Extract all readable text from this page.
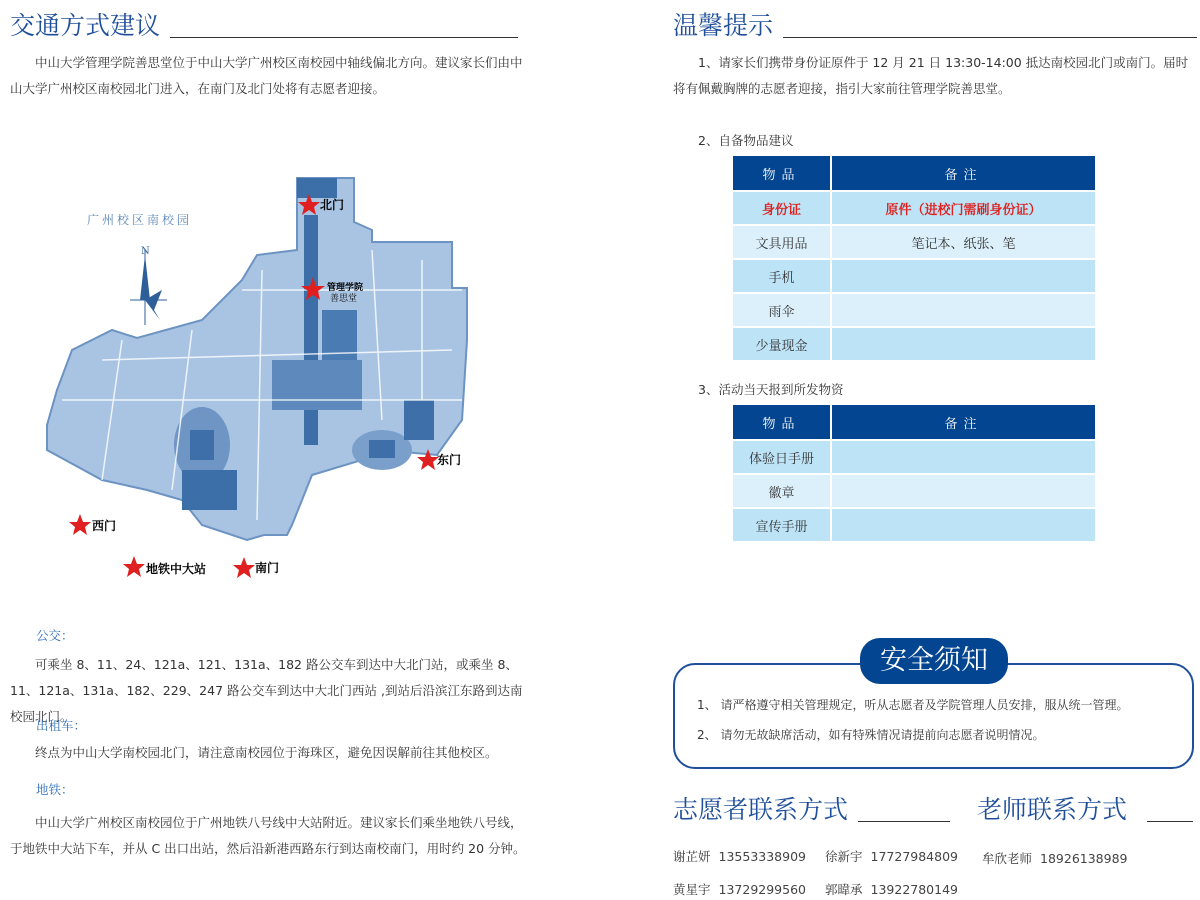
交通方式建议
中山大学管理学院善思堂位于中山大学广州校区南校园中轴线偏北方向。建议家长们由中山大学广州校区南校园北门进入，在南门及北门处将有志愿者迎接。
广州校区南校园
N
北门
管理学院
善思堂
东门
西门
地铁中大站	南门
公交：
可乘坐 8、11、24、121a、121、131a、182 路公交车到达中大北门站，或乘坐 8、11、121a、131a、182、229、247 路公交车到达中大北门西站 ,到站后沿滨江东路到达南校园北门。
出租车：
终点为中山大学南校园北门，请注意南校园位于海珠区，避免因误解前往其他校区。
地铁：
中山大学广州校区南校园位于广州地铁八号线中大站附近。建议家长们乘坐地铁八号线，于地铁中大站下车，并从 C 出口出站，然后沿新港西路东行到达南校南门，用时约 20 分钟。
温馨提示
1、请家长们携带身份证原件于 12 月 21 日 13:30-14:00 抵达南校园北门或南门。届时将有佩戴胸牌的志愿者迎接，指引大家前往管理学院善思堂。
2、自备物品建议
物品	备注
身份证	原件（进校门需刷身份证）
文具用品	笔记本、纸张、笔
手机	
雨伞	
少量现金	
3、活动当天报到所发物资
物品	备注
体验日手册	
徽章	
宣传手册	
安全须知
1、 请严格遵守相关管理规定，听从志愿者及学院管理人员安排，服从统一管理。
2、 请勿无故缺席活动，如有特殊情况请提前向志愿者说明情况。
志愿者联系方式	老师联系方式
谢芷妍 13553338909 徐新宇 17727984809
黄星宇 13729299560 郭暐承 13922780149
牟欣老师 18926138989
